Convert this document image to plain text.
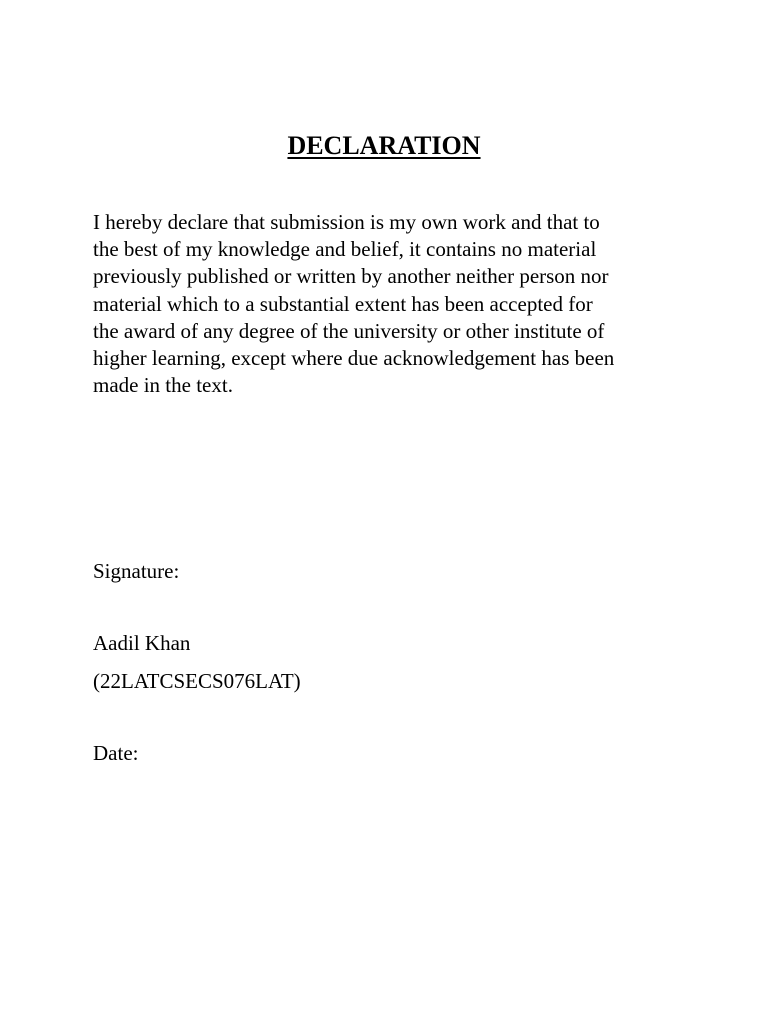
DECLARATION
I hereby declare that submission is my own work and that to
the best of my knowledge and belief, it contains no material
previously published or written by another neither person nor
material which to a substantial extent has been accepted for
the award of any degree of the university or other institute of
higher learning, except where due acknowledgement has been
made in the text.
Signature:
Aadil Khan
(22LATCSECS076LAT)
Date:
